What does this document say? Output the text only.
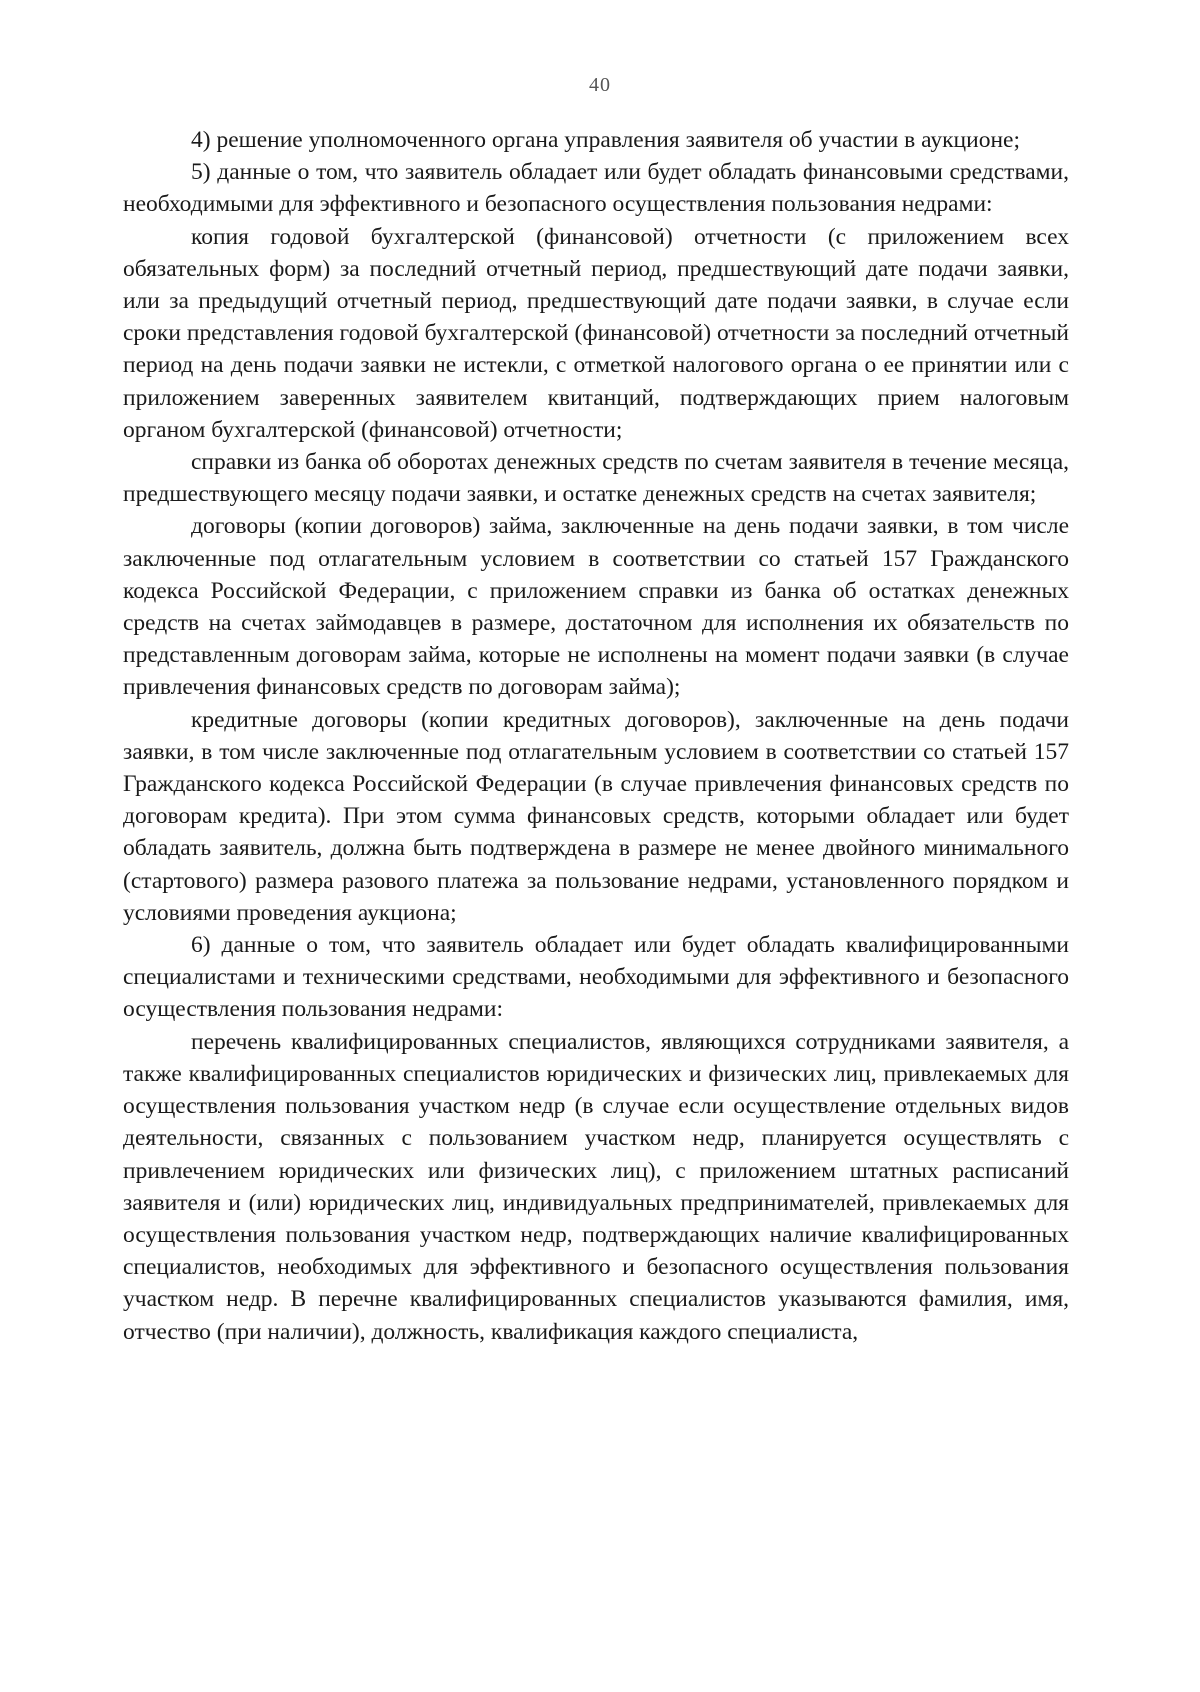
40

4) решение уполномоченного органа управления заявителя об участии в аукционе;

5) данные о том, что заявитель обладает или будет обладать финансовыми средствами, необходимыми для эффективного и безопасного осуществления пользования недрами:

копия годовой бухгалтерской (финансовой) отчетности (с приложением всех обязательных форм) за последний отчетный период, предшествующий дате подачи заявки, или за предыдущий отчетный период, предшествующий дате подачи заявки, в случае если сроки представления годовой бухгалтерской (финансовой) отчетности за последний отчетный период на день подачи заявки не истекли, с отметкой налогового органа о ее принятии или с приложением заверенных заявителем квитанций, подтверждающих прием налоговым органом бухгалтерской (финансовой) отчетности;

справки из банка об оборотах денежных средств по счетам заявителя в течение месяца, предшествующего месяцу подачи заявки, и остатке денежных средств на счетах заявителя;

договоры (копии договоров) займа, заключенные на день подачи заявки, в том числе заключенные под отлагательным условием в соответствии со статьей 157 Гражданского кодекса Российской Федерации, с приложением справки из банка об остатках денежных средств на счетах займодавцев в размере, достаточном для исполнения их обязательств по представленным договорам займа, которые не исполнены на момент подачи заявки (в случае привлечения финансовых средств по договорам займа);

кредитные договоры (копии кредитных договоров), заключенные на день подачи заявки, в том числе заключенные под отлагательным условием в соответствии со статьей 157 Гражданского кодекса Российской Федерации (в случае привлечения финансовых средств по договорам кредита). При этом сумма финансовых средств, которыми обладает или будет обладать заявитель, должна быть подтверждена в размере не менее двойного минимального (стартового) размера разового платежа за пользование недрами, установленного порядком и условиями проведения аукциона;

6) данные о том, что заявитель обладает или будет обладать квалифицированными специалистами и техническими средствами, необходимыми для эффективного и безопасного осуществления пользования недрами:

перечень квалифицированных специалистов, являющихся сотрудниками заявителя, а также квалифицированных специалистов юридических и физических лиц, привлекаемых для осуществления пользования участком недр (в случае если осуществление отдельных видов деятельности, связанных с пользованием участком недр, планируется осуществлять с привлечением юридических или физических лиц), с приложением штатных расписаний заявителя и (или) юридических лиц, индивидуальных предпринимателей, привлекаемых для осуществления пользования участком недр, подтверждающих наличие квалифицированных специалистов, необходимых для эффективного и безопасного осуществления пользования участком недр. В перечне квалифицированных специалистов указываются фамилия, имя, отчество (при наличии), должность, квалификация каждого специалиста,
